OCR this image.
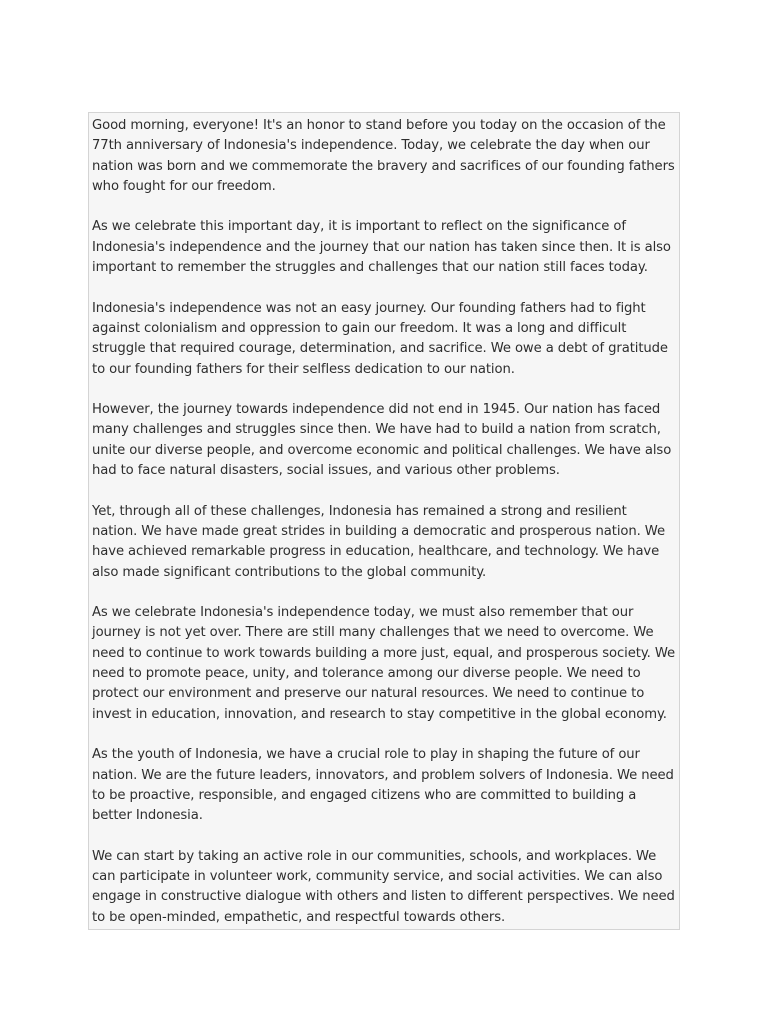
Good morning, everyone! It's an honor to stand before you today on the occasion of the 77th anniversary of Indonesia's independence. Today, we celebrate the day when our nation was born and we commemorate the bravery and sacrifices of our founding fathers who fought for our freedom.

As we celebrate this important day, it is important to reflect on the significance of Indonesia's independence and the journey that our nation has taken since then. It is also important to remember the struggles and challenges that our nation still faces today.

Indonesia's independence was not an easy journey. Our founding fathers had to fight against colonialism and oppression to gain our freedom. It was a long and difficult struggle that required courage, determination, and sacrifice. We owe a debt of gratitude to our founding fathers for their selfless dedication to our nation.

However, the journey towards independence did not end in 1945. Our nation has faced many challenges and struggles since then. We have had to build a nation from scratch, unite our diverse people, and overcome economic and political challenges. We have also had to face natural disasters, social issues, and various other problems.

Yet, through all of these challenges, Indonesia has remained a strong and resilient nation. We have made great strides in building a democratic and prosperous nation. We have achieved remarkable progress in education, healthcare, and technology. We have also made significant contributions to the global community.

As we celebrate Indonesia's independence today, we must also remember that our journey is not yet over. There are still many challenges that we need to overcome. We need to continue to work towards building a more just, equal, and prosperous society. We need to promote peace, unity, and tolerance among our diverse people. We need to protect our environment and preserve our natural resources. We need to continue to invest in education, innovation, and research to stay competitive in the global economy.

As the youth of Indonesia, we have a crucial role to play in shaping the future of our nation. We are the future leaders, innovators, and problem solvers of Indonesia. We need to be proactive, responsible, and engaged citizens who are committed to building a better Indonesia.

We can start by taking an active role in our communities, schools, and workplaces. We can participate in volunteer work, community service, and social activities. We can also engage in constructive dialogue with others and listen to different perspectives. We need to be open-minded, empathetic, and respectful towards others.
